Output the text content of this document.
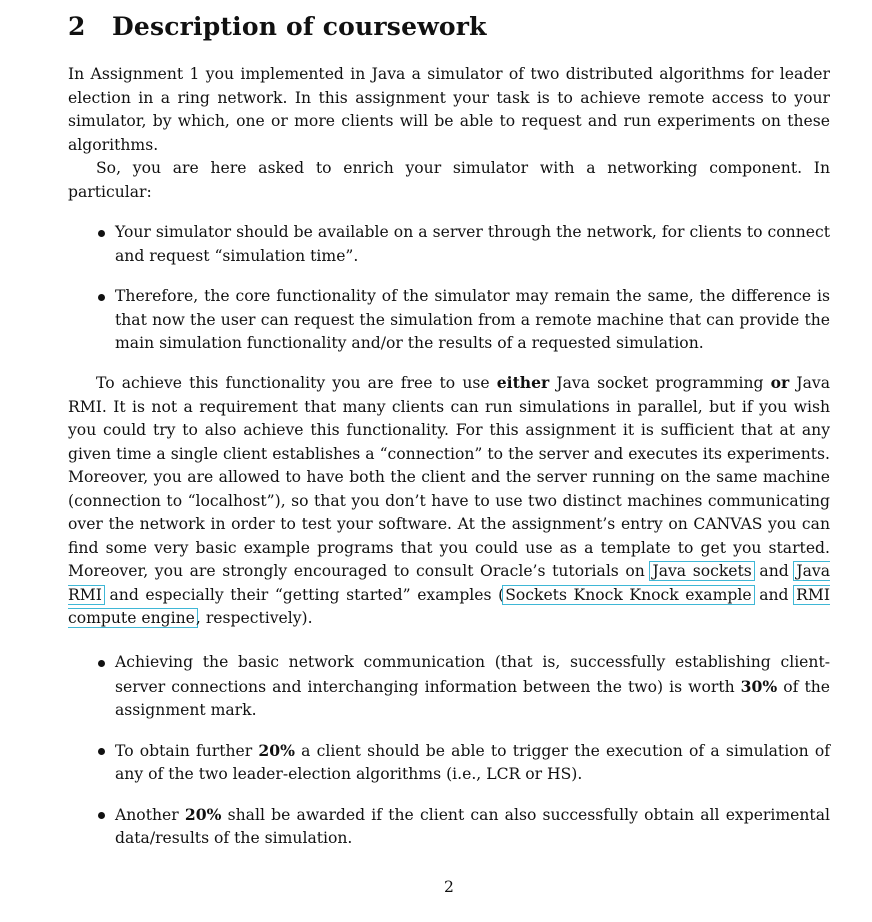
2 Description of coursework

In Assignment 1 you implemented in Java a simulator of two distributed algorithms for leader election in a ring network. In this assignment your task is to achieve remote access to your simulator, by which, one or more clients will be able to request and run experiments on these algorithms.

So, you are here asked to enrich your simulator with a networking component. In particular:

Your simulator should be available on a server through the network, for clients to connect and request “simulation time”.
Therefore, the core functionality of the simulator may remain the same, the difference is that now the user can request the simulation from a remote machine that can provide the main simulation functionality and/or the results of a requested simulation.

To achieve this functionality you are free to use either Java socket programming or Java RMI. It is not a requirement that many clients can run simulations in parallel, but if you wish you could try to also achieve this functionality. For this assignment it is sufficient that at any given time a single client establishes a “connection” to the server and executes its experiments. Moreover, you are allowed to have both the client and the server running on the same machine (connection to “localhost”), so that you don’t have to use two distinct machines communicating over the network in order to test your software. At the assignment’s entry on CANVAS you can find some very basic example programs that you could use as a template to get you started. Moreover, you are strongly encouraged to consult Oracle’s tutorials on Java sockets and Java RMI and especially their “getting started” examples (Sockets Knock Knock example and RMI compute engine, respectively).

Achieving the basic network communication (that is, successfully establishing client-server connections and interchanging information between the two) is worth 30% of the assignment mark.
To obtain further 20% a client should be able to trigger the execution of a simulation of any of the two leader-election algorithms (i.e., LCR or HS).
Another 20% shall be awarded if the client can also successfully obtain all experimental data/results of the simulation.
2
